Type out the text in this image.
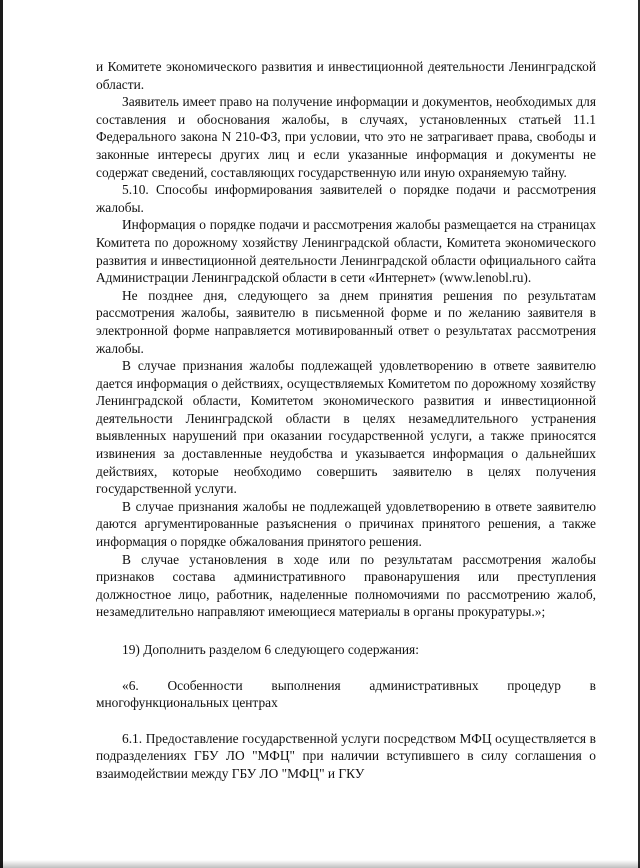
и Комитете экономического развития и инвестиционной деятельности Ленинградской области.

Заявитель имеет право на получение информации и документов, необходимых для составления и обоснования жалобы, в случаях, установленных статьей 11.1 Федерального закона N 210-ФЗ, при условии, что это не затрагивает права, свободы и законные интересы других лиц и если указанные информация и документы не содержат сведений, составляющих государственную или иную охраняемую тайну.

5.10. Способы информирования заявителей о порядке подачи и рассмотрения жалобы.

Информация о порядке подачи и рассмотрения жалобы размещается на страницах Комитета по дорожному хозяйству Ленинградской области, Комитета экономического развития и инвестиционной деятельности Ленинградской области официального сайта Администрации Ленинградской области в сети «Интернет» (www.lenobl.ru).

Не позднее дня, следующего за днем принятия решения по результатам рассмотрения жалобы, заявителю в письменной форме и по желанию заявителя в электронной форме направляется мотивированный ответ о результатах рассмотрения жалобы.

В случае признания жалобы подлежащей удовлетворению в ответе заявителю дается информация о действиях, осуществляемых Комитетом по дорожному хозяйству Ленинградской области, Комитетом экономического развития и инвестиционной деятельности Ленинградской области в целях незамедлительного устранения выявленных нарушений при оказании государственной услуги, а также приносятся извинения за доставленные неудобства и указывается информация о дальнейших действиях, которые необходимо совершить заявителю в целях получения государственной услуги.

В случае признания жалобы не подлежащей удовлетворению в ответе заявителю даются аргументированные разъяснения о причинах принятого решения, а также информация о порядке обжалования принятого решения.

В случае установления в ходе или по результатам рассмотрения жалобы признаков состава административного правонарушения или преступления должностное лицо, работник, наделенные полномочиями по рассмотрению жалоб, незамедлительно направляют имеющиеся материалы в органы прокуратуры.»;

19) Дополнить разделом 6 следующего содержания:

«6. Особенности выполнения административных процедур в многофункциональных центрах

6.1. Предоставление государственной услуги посредством МФЦ осуществляется в подразделениях ГБУ ЛО "МФЦ" при наличии вступившего в силу соглашения о взаимодействии между ГБУ ЛО "МФЦ" и ГКУ
